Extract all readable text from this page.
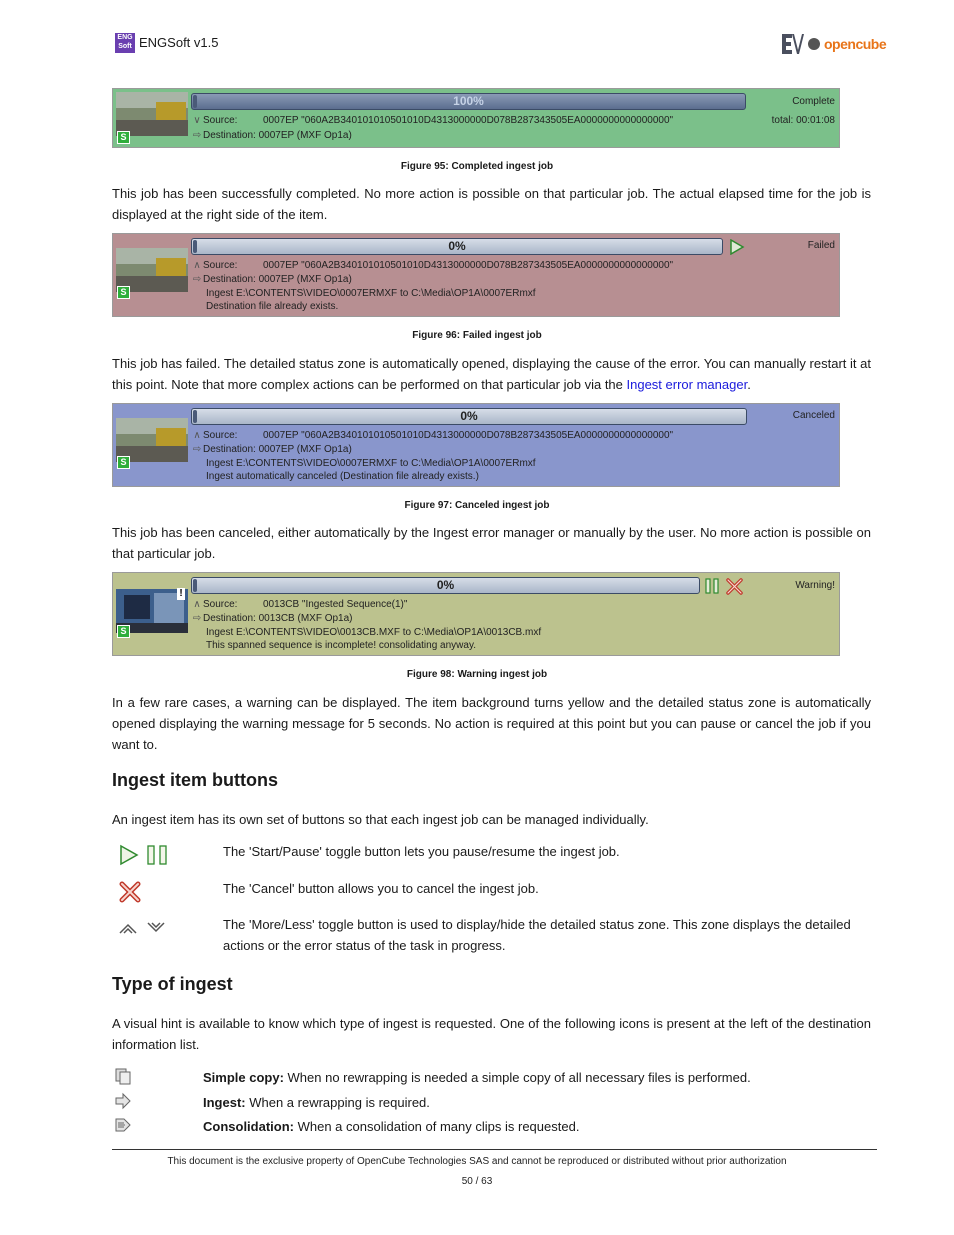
ENG Soft ENGSoft v1.5	opencube
S
100%
∨ Source:	0007EP "060A2B340101010501010D4313000000D078B287343505EA0000000000000000"
⇨ Destination: 0007EP (MXF Op1a)
Complete
total: 00:01:08
Figure 95: Completed ingest job
This job has been successfully completed. No more action is possible on that particular job. The actual elapsed time for the job is displayed at the right side of the item.
S
0%
∧ Source:	0007EP "060A2B340101010501010D4313000000D078B287343505EA0000000000000000"
⇨ Destination: 0007EP (MXF Op1a)
Ingest E:\CONTENTS\VIDEO\0007ERMXF to C:\Media\OP1A\0007ERmxf
Destination file already exists.
Failed
Figure 96: Failed ingest job
This job has failed. The detailed status zone is automatically opened, displaying the cause of the error. You can manually restart it at this point. Note that more complex actions can be performed on that particular job via the Ingest error manager.
S
0%
∧ Source:	0007EP "060A2B340101010501010D4313000000D078B287343505EA0000000000000000"
⇨ Destination: 0007EP (MXF Op1a)
Ingest E:\CONTENTS\VIDEO\0007ERMXF to C:\Media\OP1A\0007ERmxf
Ingest automatically canceled (Destination file already exists.)
Canceled
Figure 97: Canceled ingest job
This job has been canceled, either automatically by the Ingest error manager or manually by the user. No more action is possible on that particular job.
!
S
0%
∧ Source:	0013CB "Ingested Sequence(1)"
⇨ Destination: 0013CB (MXF Op1a)
Ingest E:\CONTENTS\VIDEO\0013CB.MXF to C:\Media\OP1A\0013CB.mxf
This spanned sequence is incomplete! consolidating anyway.
Warning!
Figure 98: Warning ingest job
In a few rare cases, a warning can be displayed. The item background turns yellow and the detailed status zone is automatically opened displaying the warning message for 5 seconds. No action is required at this point but you can pause or cancel the job if you want to.
Ingest item buttons
An ingest item has its own set of buttons so that each ingest job can be managed individually.
The 'Start/Pause' toggle button lets you pause/resume the ingest job.
The 'Cancel' button allows you to cancel the ingest job.
The 'More/Less' toggle button is used to display/hide the detailed status zone. This zone displays the detailed actions or the error status of the task in progress.
Type of ingest
A visual hint is available to know which type of ingest is requested. One of the following icons is present at the left of the destination information list.
Simple copy: When no rewrapping is needed a simple copy of all necessary files is performed.
Ingest: When a rewrapping is required.
Consolidation: When a consolidation of many clips is requested.
This document is the exclusive property of OpenCube Technologies SAS and cannot be reproduced or distributed without prior authorization
50 / 63
